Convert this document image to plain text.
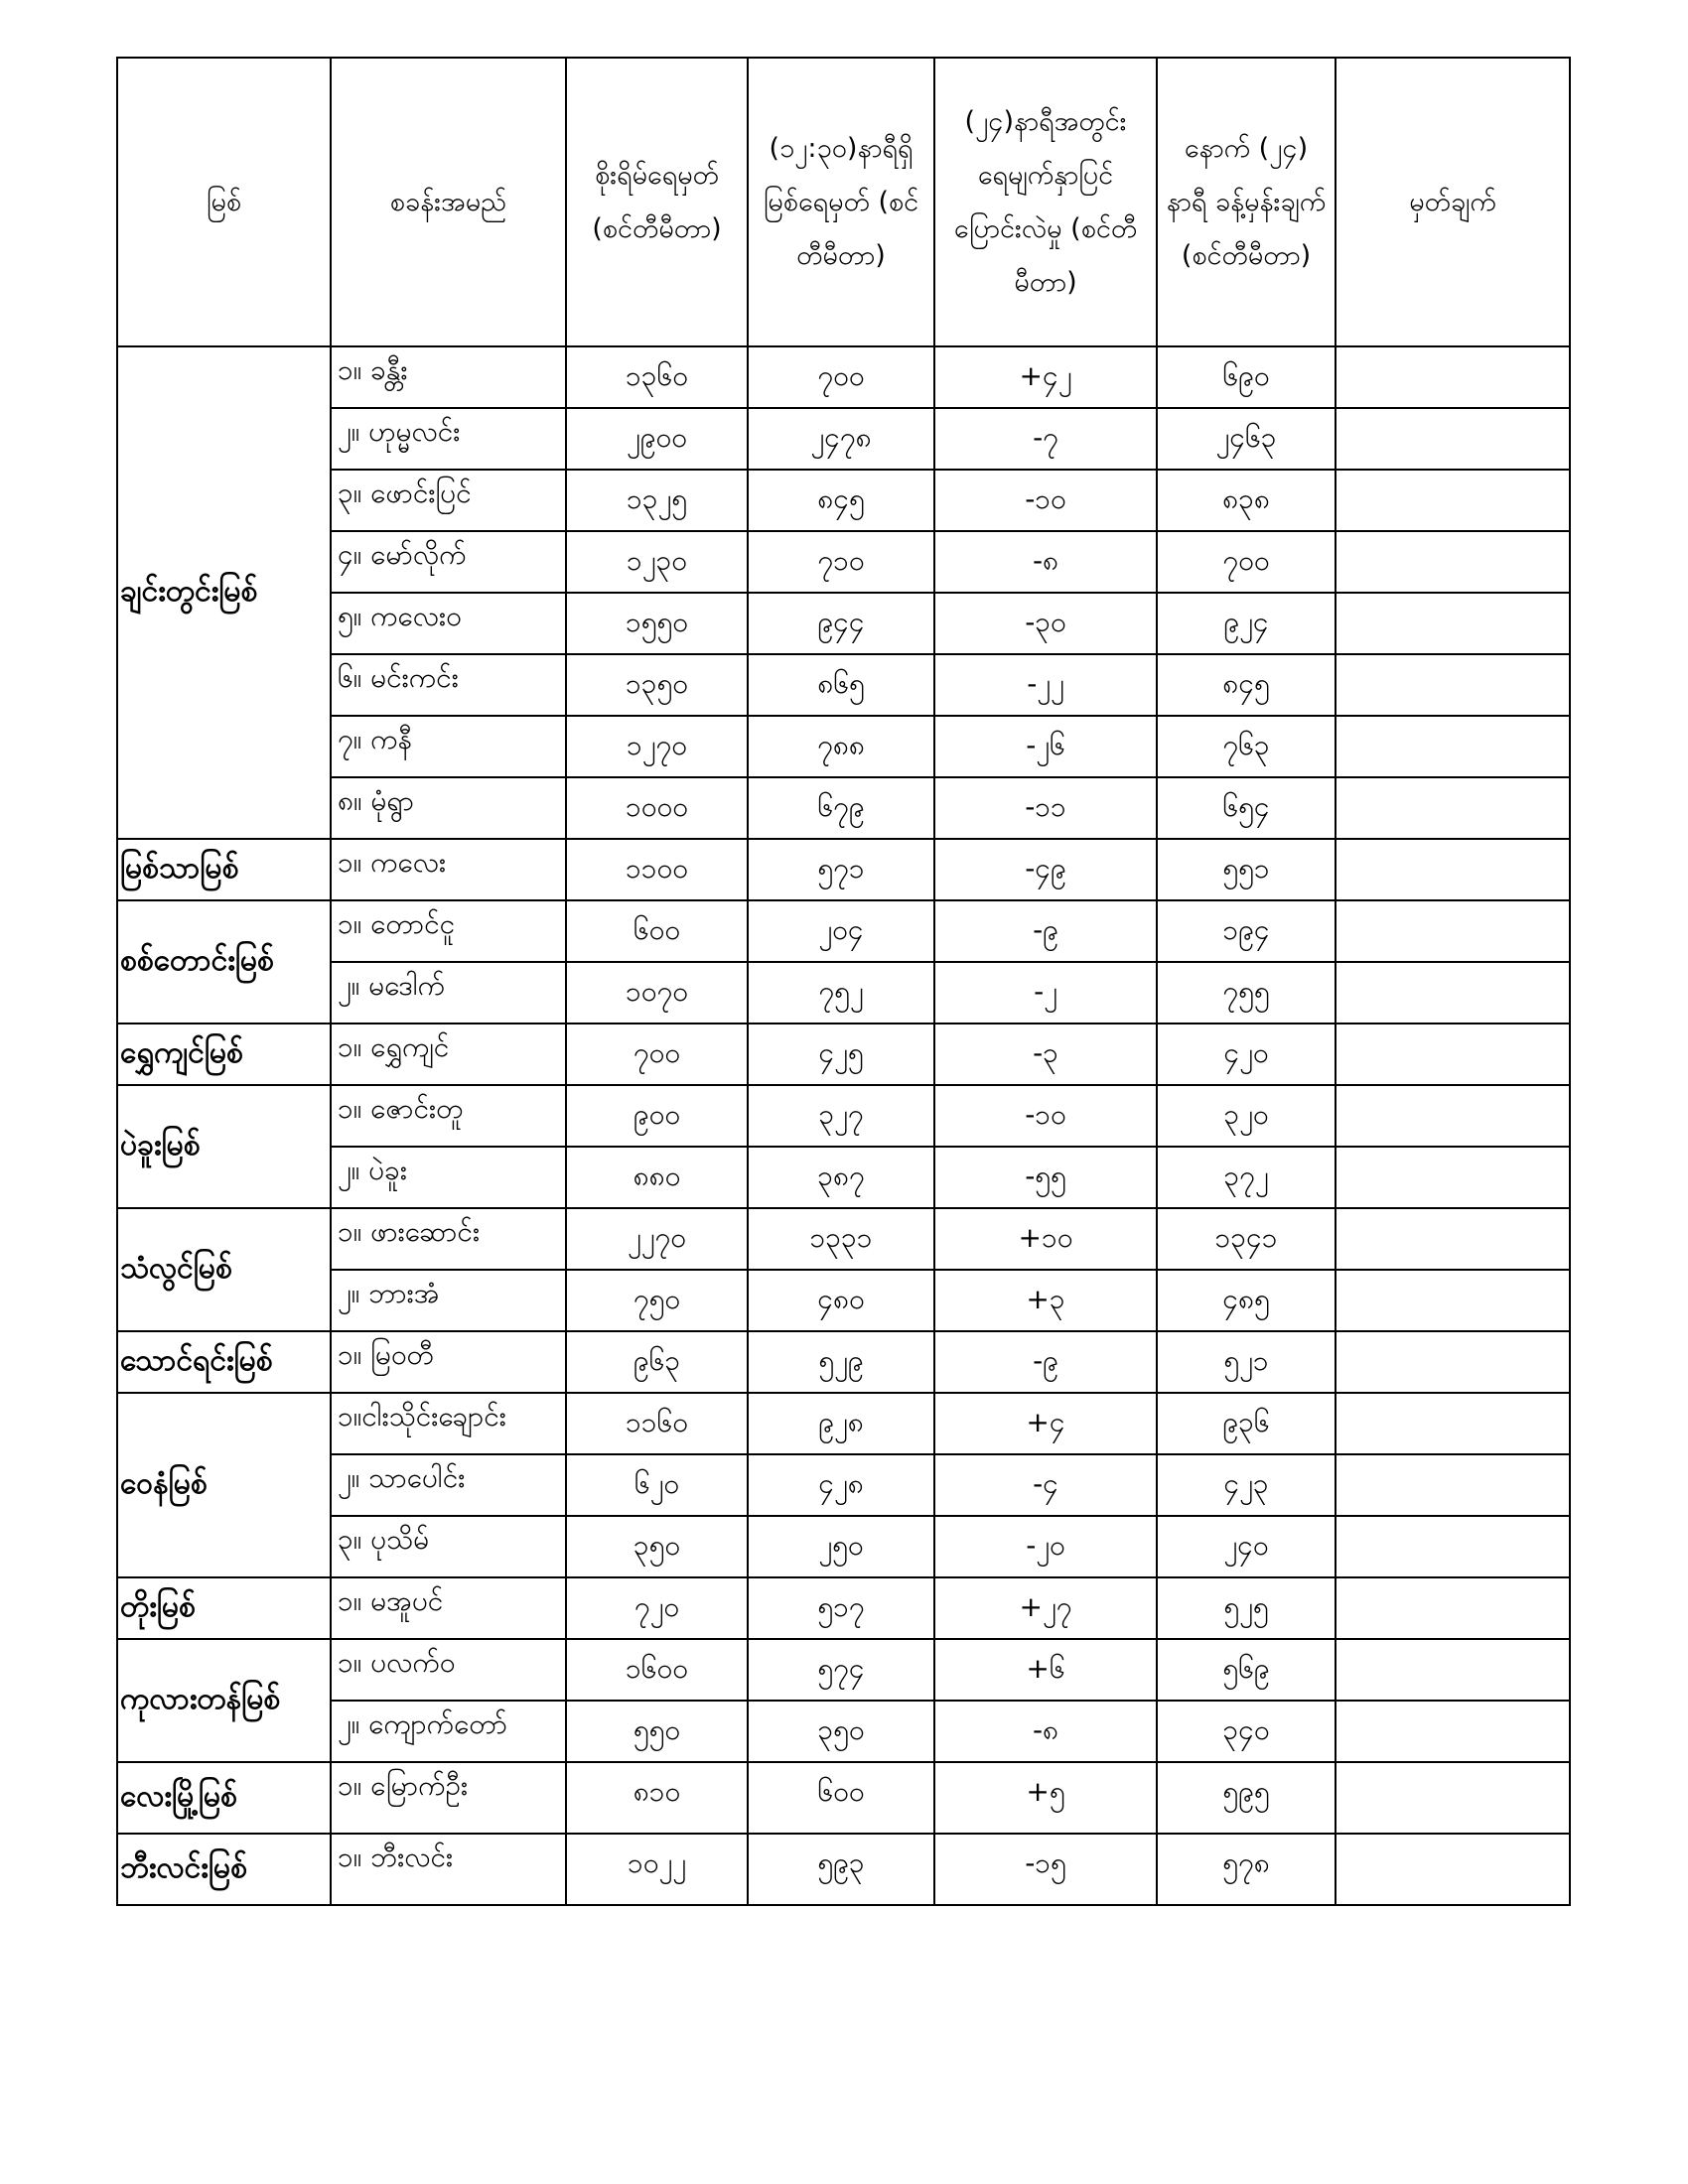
မြစ်	စခန်းအမည်	စိုးရိမ်ရေမှတ် (စင်တီမီတာ)	(၁၂:၃၀)နာရီရှိ မြစ်ရေမှတ် (စင်တီမီတာ)	(၂၄)နာရီအတွင်း ရေမျက်နှာပြင် ပြောင်းလဲမှု (စင်တီမီတာ)	နောက် (၂၄) နာရီ ခန့်မှန်းချက် (စင်တီမီတာ)	မှတ်ချက်
ချင်းတွင်းမြစ်	၁။ ခန္တီး	၁၃၆၀	၇၀၀	+၄၂	၆၉၀	
	၂။ ဟုမ္မလင်း	၂၉၀၀	၂၄၇၈	-၇	၂၄၆၃	
	၃။ ဖောင်းပြင်	၁၃၂၅	၈၄၅	-၁၀	၈၃၈	
	၄။ မော်လိုက်	၁၂၃၀	၇၁၀	-၈	၇၀၀	
	၅။ ကလေးဝ	၁၅၅၀	၉၄၄	-၃၀	၉၂၄	
	၆။ မင်းကင်း	၁၃၅၀	၈၆၅	-၂၂	၈၄၅	
	၇။ ကနီ	၁၂၇၀	၇၈၈	-၂၆	၇၆၃	
	၈။ မုံရွာ	၁၀၀၀	၆၇၉	-၁၁	၆၅၄	
မြစ်သာမြစ်	၁။ ကလေး	၁၁၀၀	၅၇၁	-၄၉	၅၅၁	
စစ်တောင်းမြစ်	၁။ တောင်ငူ	၆၀၀	၂၀၄	-၉	၁၉၄	
	၂။ မဒေါက်	၁၀၇၀	၇၅၂	-၂	၇၅၅	
ရွှေကျင်မြစ်	၁။ ရွှေကျင်	၇၀၀	၄၂၅	-၃	၄၂၀	
ပဲခူးမြစ်	၁။ ဇောင်းတူ	၉၀၀	၃၂၇	-၁၀	၃၂၀	
	၂။ ပဲခူး	၈၈၀	၃၈၇	-၅၅	၃၇၂	
သံလွင်မြစ်	၁။ ဖားဆောင်း	၂၂၇၀	၁၃၃၁	+၁၀	၁၃၄၁	
	၂။ ဘားအံ	၇၅၀	၄၈၀	+၃	၄၈၅	
သောင်ရင်းမြစ်	၁။ မြဝတီ	၉၆၃	၅၂၉	-၉	၅၂၁	
ဝေနံမြစ်	၁။ငါးသိုင်းချောင်း	၁၁၆၀	၉၂၈	+၄	၉၃၆	
	၂။ သာပေါင်း	၆၂၀	၄၂၈	-၄	၄၂၃	
	၃။ ပုသိမ်	၃၅၀	၂၅၀	-၂၀	၂၄၀	
တိုးမြစ်	၁။ မအူပင်	၇၂၀	၅၁၇	+၂၇	၅၂၅	
ကုလားတန်မြစ်	၁။ ပလက်ဝ	၁၆၀၀	၅၇၄	+၆	၅၆၉	
	၂။ ကျောက်တော်	၅၅၀	၃၅၀	-၈	၃၄၀	
လေးမြို့မြစ်	၁။ မြောက်ဦး	၈၁၀	၆၀၀	+၅	၅၉၅	
ဘီးလင်းမြစ်	၁။ ဘီးလင်း	၁၀၂၂	၅၉၃	-၁၅	၅၇၈	
